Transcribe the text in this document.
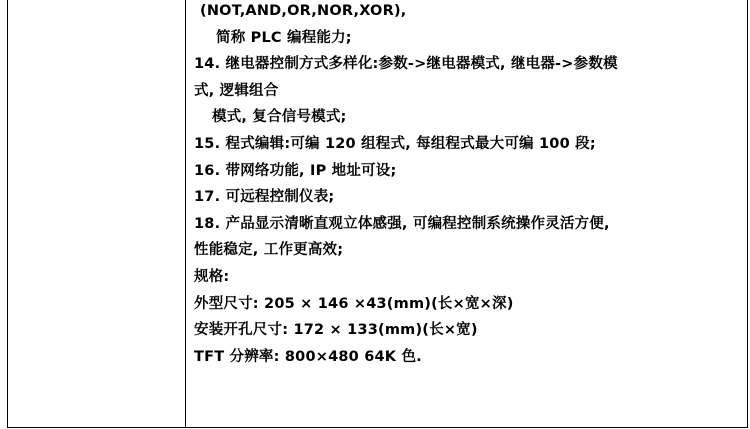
(NOT,AND,OR,NOR,XOR),
简称 PLC 编程能力;
14. 继电器控制方式多样化:参数->继电器模式, 继电器->参数模
式, 逻辑组合
模式, 复合信号模式;
15. 程式编辑:可编 120 组程式, 每组程式最大可编 100 段;
16. 带网络功能, IP 地址可设;
17. 可远程控制仪表;
18. 产品显示清晰直观立体感强, 可编程控制系统操作灵活方便,
性能稳定, 工作更高效;
规格:
外型尺寸: 205 × 146 ×43(mm)(长×宽×深)
安装开孔尺寸: 172 × 133(mm)(长×宽)
TFT 分辨率: 800×480 64K 色.
